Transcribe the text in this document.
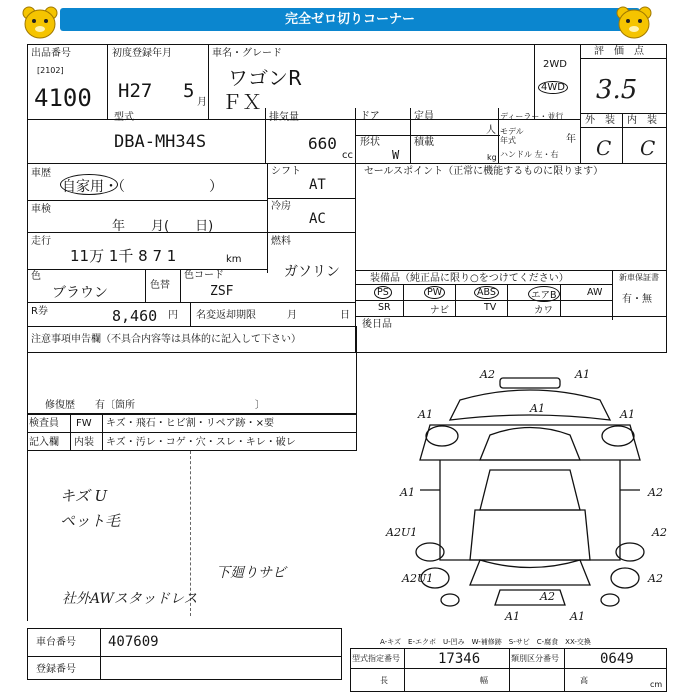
完全ゼロ切りコーナー
出品番号
[2102]
4100
初度登録年月
H27 5
月
車名・グレード
ワゴンR
ＦＸ
2WD
4WD
評　価　点
3.5
外　装 内　装
C C
型式
DBA-MH34S
排気量
660
cc
ドア
形状
W
定員
人
積載
kg
ディーラー・並行
モデル年式	年
ハンドル 左・右
車歴
自家用・（　　　　　　）
車検
年　　月(　　日)
走行
11万 1千 8 7 1	km
シフト
AT
冷房
AC
燃料
ガソリン
セールスポイント（正常に機能するものに限ります）
色
ブラウン	色替
色コード
ZSF
装備品（純正品に限り○をつけてください）	新車保証書
有・無
PS	PW	ABS	エアB	AW
SR	ナビ	TV	カワ
後日品
R券	8,460 円 名変返却期限	月	日
注意事項申告欄（不具合内容等は具体的に記入して下さい）
修復歴　　有〔箇所　　　　　　　　　　　　〕
検査員 FW キズ・飛石・ヒビ割・リペア跡・×要
記入欄 内装 キズ・汚レ・コゲ・穴・スレ・キレ・破レ
キズ U
ペット毛
下廻りサビ
社外AWスタッドレス
A2	A1
A1
A1	A1
A1	A2
A2U1
A2U1
A2
A2
A1	A1
A2
A-キズ　E-エクボ　U-凹み　W-補修跡　S-サビ　C-腐食　XX-交換
車台番号 407609
登録番号
型式指定番号	17346	類別区分番号	0649
長	幅	高	cm
